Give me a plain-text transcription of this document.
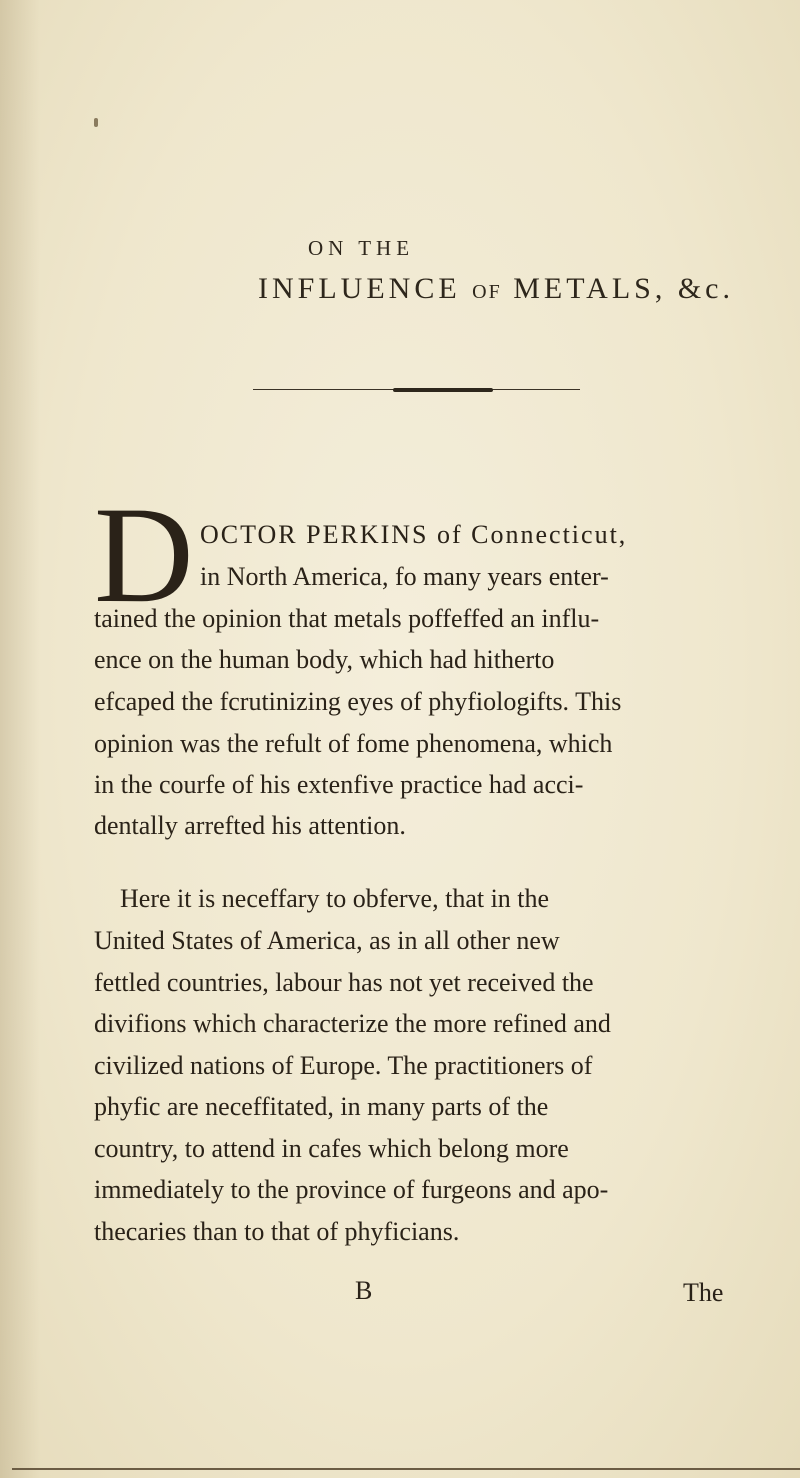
ON THE
INFLUENCE OF METALS, &c.
D OCTOR PERKINS of Connecticut,
in North America, fo many years enter-
tained the opinion that metals poffeffed an influ-
ence on the human body, which had hitherto
efcaped the fcrutinizing eyes of phyfiologifts. This
opinion was the refult of fome phenomena, which
in the courfe of his extenfive practice had acci-
dentally arrefted his attention.
Here it is neceffary to obferve, that in the
United States of America, as in all other new
fettled countries, labour has not yet received the
divifions which characterize the more refined and
civilized nations of Europe. The practitioners of
phyfic are neceffitated, in many parts of the
country, to attend in cafes which belong more
immediately to the province of furgeons and apo-
thecaries than to that of phyficians.
B	The
